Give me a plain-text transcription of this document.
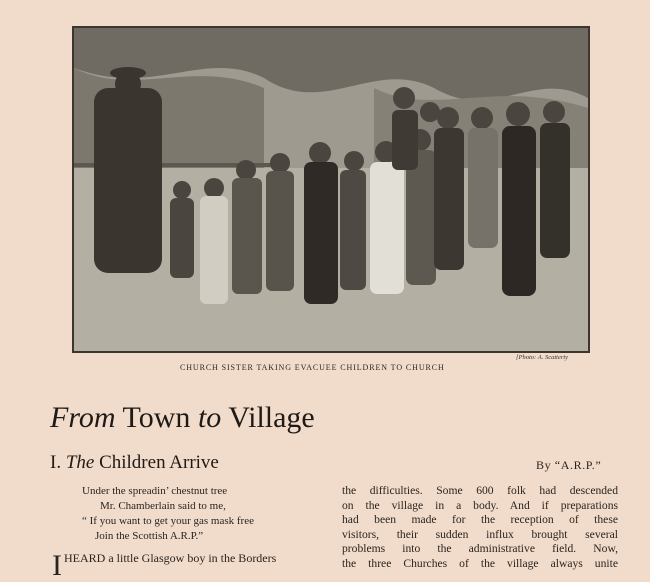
[Photo: A. Scatterty
CHURCH SISTER TAKING EVACUEE CHILDREN TO CHURCH
From Town to Village
I. The Children Arrive	By “A.R.P.”

Under the spreadin’ chestnut tree

Mr. Chamberlain said to me,

“ If you want to get your gas mask free

Join the Scottish A.R.P.”

IHEARD a little Glasgow boy in the Borders

the difficulties. Some 600 folk had descended

on the village in a body. And if preparations

had been made for the reception of these

visitors, their sudden influx brought several

problems into the administrative field. Now,

the three Churches of the village always unite
